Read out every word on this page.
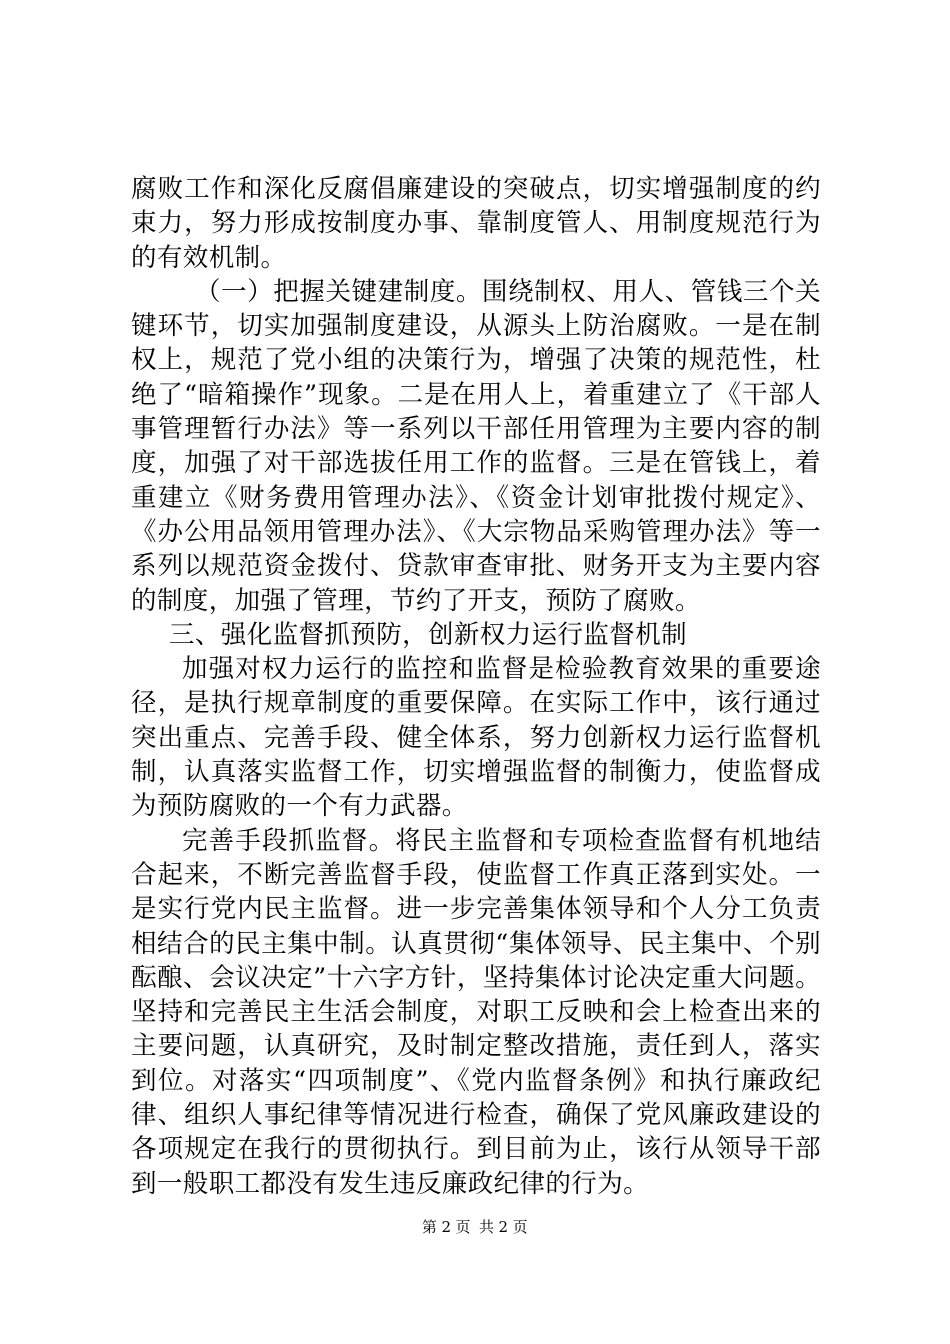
腐败工作和深化反腐倡廉建设的突破点，切实增强制度的约束力，努力形成按制度办事、靠制度管人、用制度规范行为的有效机制。

（一）把握关键建制度。围绕制权、用人、管钱三个关键环节，切实加强制度建设，从源头上防治腐败。一是在制权上，规范了党小组的决策行为，增强了决策的规范性，杜绝了“暗箱操作”现象。二是在用人上，着重建立了《干部人事管理暂行办法》等一系列以干部任用管理为主要内容的制度，加强了对干部选拔任用工作的监督。三是在管钱上，着重建立《财务费用管理办法》、《资金计划审批拨付规定》、《办公用品领用管理办法》、《大宗物品采购管理办法》等一系列以规范资金拨付、贷款审查审批、财务开支为主要内容的制度，加强了管理，节约了开支，预防了腐败。

三、强化监督抓预防，创新权力运行监督机制

加强对权力运行的监控和监督是检验教育效果的重要途径，是执行规章制度的重要保障。在实际工作中，该行通过突出重点、完善手段、健全体系，努力创新权力运行监督机制，认真落实监督工作，切实增强监督的制衡力，使监督成为预防腐败的一个有力武器。

完善手段抓监督。将民主监督和专项检查监督有机地结合起来，不断完善监督手段，使监督工作真正落到实处。一是实行党内民主监督。进一步完善集体领导和个人分工负责相结合的民主集中制。认真贯彻“集体领导、民主集中、个别酝酿、会议决定”十六字方针，坚持集体讨论决定重大问题。坚持和完善民主生活会制度，对职工反映和会上检查出来的主要问题，认真研究，及时制定整改措施，责任到人，落实到位。对落实“四项制度”、《党内监督条例》和执行廉政纪律、组织人事纪律等情况进行检查，确保了党风廉政建设的各项规定在我行的贯彻执行。到目前为止，该行从领导干部到一般职工都没有发生违反廉政纪律的行为。

第 2 页 共 2 页
